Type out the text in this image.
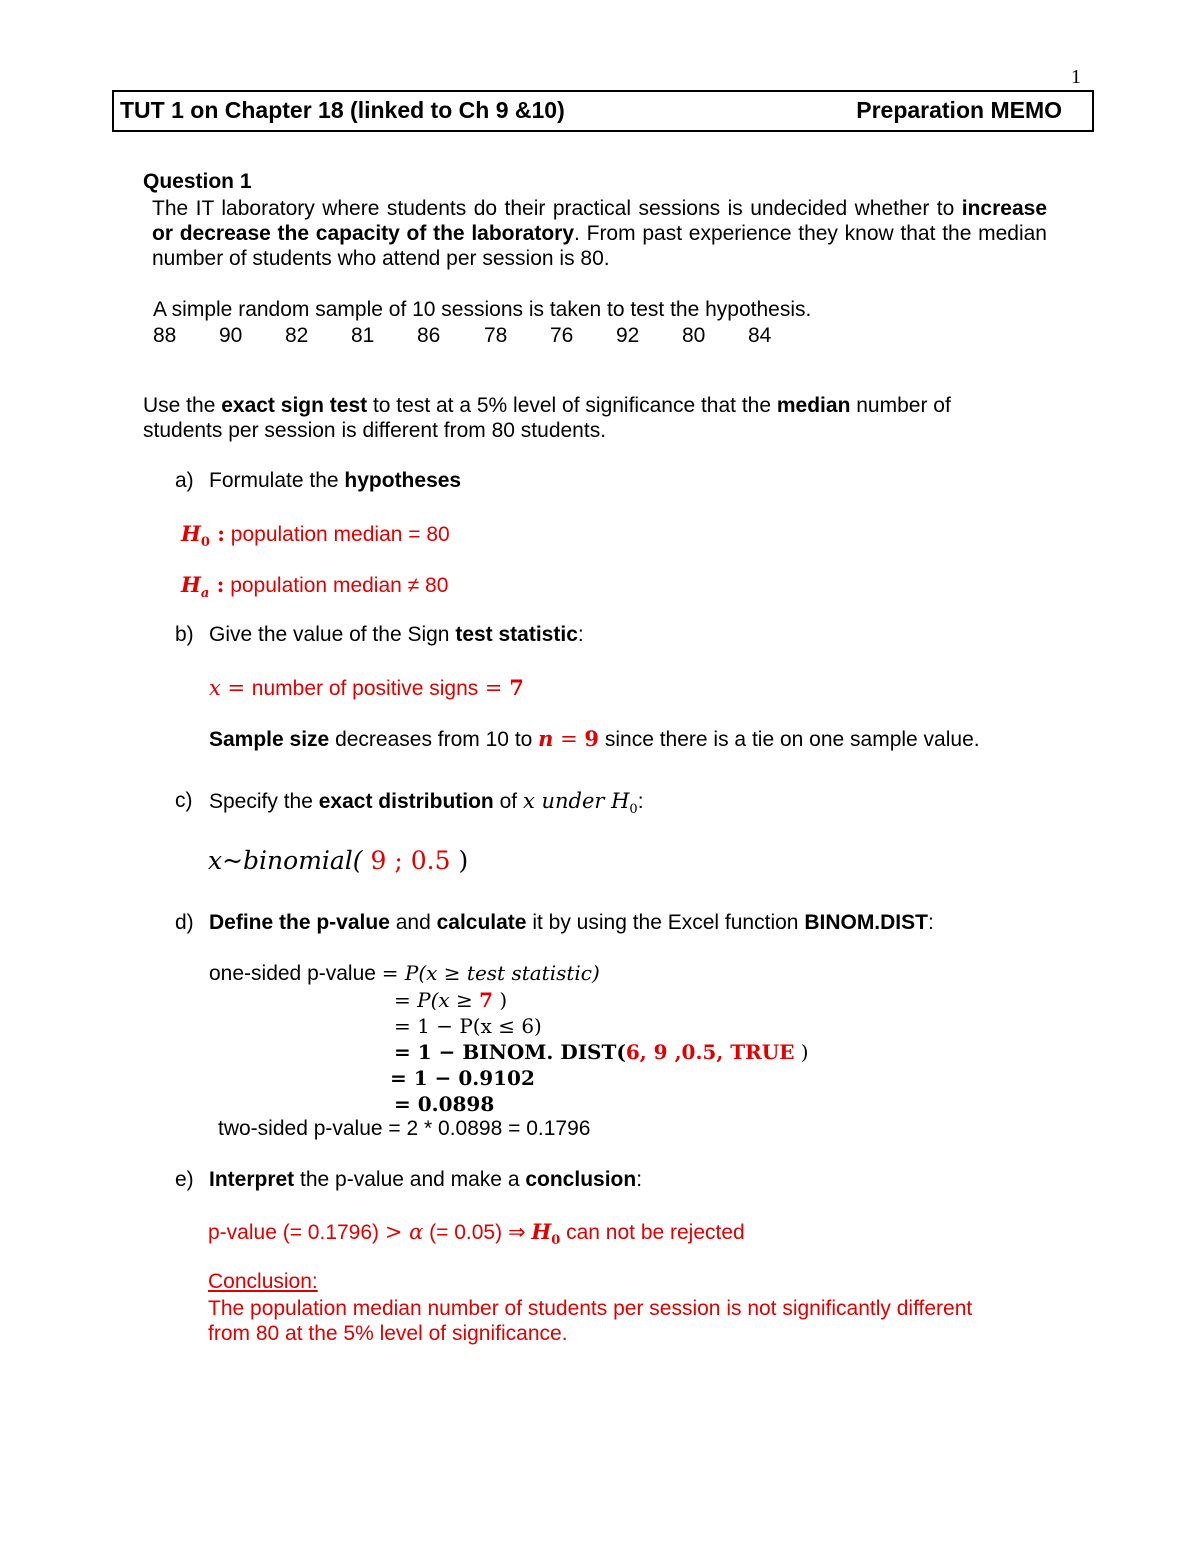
1
TUT 1 on Chapter 18 (linked to Ch 9 &10)	Preparation MEMO
Question 1
The IT laboratory where students do their practical sessions is undecided whether to increase or decrease the capacity of the laboratory. From past experience they know that the median number of students who attend per session is 80.
A simple random sample of 10 sessions is taken to test the hypothesis.
88 90 82 81 86 78 76 92 80 84
Use the exact sign test to test at a 5% level of significance that the median number of
students per session is different from 80 students.
a) Formulate the hypotheses
$H_0$ : population median = 80
$H_a$ : population median ≠ 80
b) Give the value of the Sign test statistic:
x = number of positive signs = 7
Sample size decreases from 10 to n = 9 since there is a tie on one sample value.
c) Specify the exact distribution of x under $H_0$:
x~binomial( 9 ; 0.5 )
d) Define the p-value and calculate it by using the Excel function BINOM.DIST:
one-sided p-value = P(x ≥ test statistic)
= P(x ≥ 7 )
= 1 − P(x ≤ 6)
= 1 − BINOM. DIST(6, 9 ,0.5, TRUE )
= 1 − 0.9102
= 0.0898
two-sided p-value = 2 * 0.0898 = 0.1796
e) Interpret the p-value and make a conclusion:
p-value (= 0.1796) > α (= 0.05) ⇒ $H_0$ can not be rejected
Conclusion:
The population median number of students per session is not significantly different
from 80 at the 5% level of significance.
